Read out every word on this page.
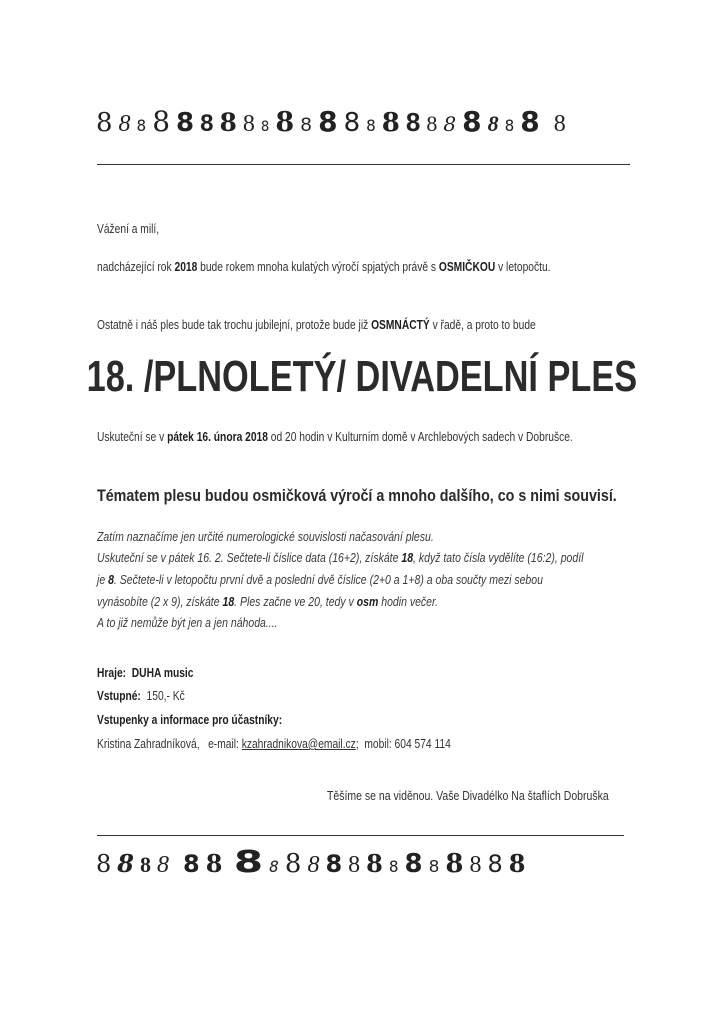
8 8 8 8 8 8 8 8 8 8 8 8 8 8 8 8 8 8 8 8 8 8 8
Vážení a milí,
nadcházející rok 2018 bude rokem mnoha kulatých výročí spjatých právě s OSMIČKOU v letopočtu.
Ostatně i náš ples bude tak trochu jubilejní, protože bude již OSMNÁCTÝ v řadě, a proto to bude
18. /PLNOLETÝ/ DIVADELNÍ PLES
Uskuteční se v pátek 16. února 2018 od 20 hodin v Kulturním domě v Archlebových sadech v Dobrušce.
Tématem plesu budou osmičková výročí a mnoho dalšího, co s nimi souvisí.
Zatím naznačíme jen určité numerologické souvislosti načasování plesu.
Uskuteční se v pátek 16. 2. Sečtete-li číslice data (16+2), získáte 18, když tato čísla vydělíte (16:2), podíl
je 8. Sečtete-li v letopočtu první dvě a poslední dvě číslice (2+0 a 1+8) a oba součty mezi sebou
vynásobíte (2 x 9), získáte 18. Ples začne ve 20, tedy v osm hodin večer.
A to již nemůže být jen a jen náhoda....
Hraje: DUHA music
Vstupné: 150,- Kč
Vstupenky a informace pro účastníky:
Kristina Zahradníková, e-mail: kzahradnikova@email.cz;  mobil: 604 574 114
Těšíme se na viděnou. Vaše Divadélko Na štaflích Dobruška
8 8 8 8 8 8 8 8 8 8 8 8 8 8 8 8 8 8 8 8
